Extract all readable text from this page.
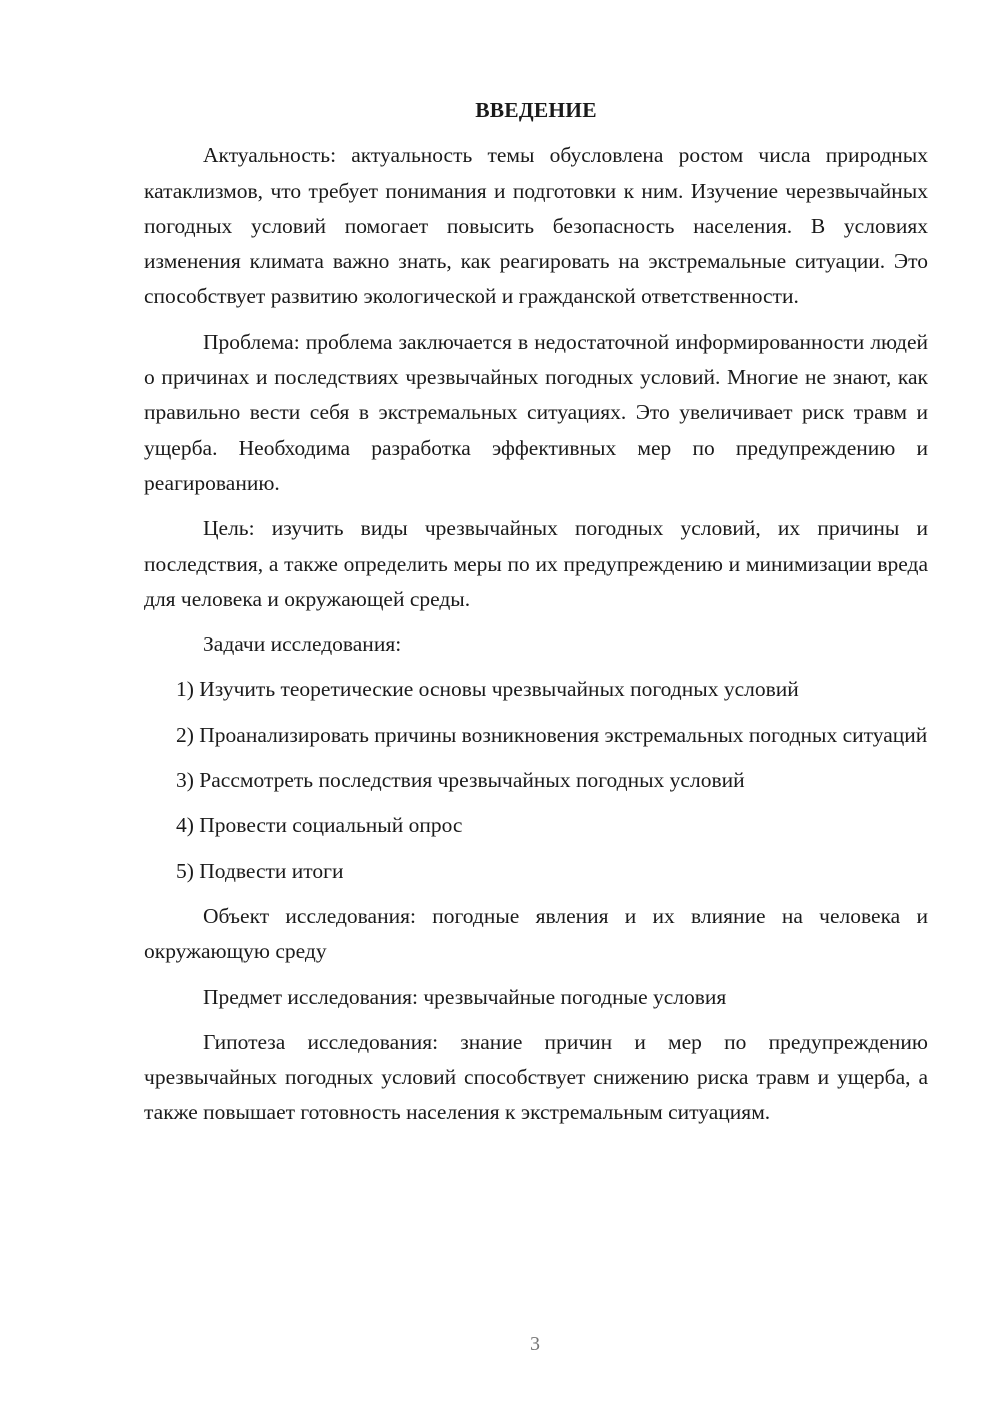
ВВЕДЕНИЕ

Актуальность: актуальность темы обусловлена ростом числа природных катаклизмов, что требует понимания и подготовки к ним. Изучение черезвычайных погодных условий помогает повысить безопасность населения. В условиях изменения климата важно знать, как реагировать на экстремальные ситуации. Это способствует развитию экологической и гражданской ответственности.

Проблема: проблема заключается в недостаточной информированности людей о причинах и последствиях чрезвычайных погодных условий. Многие не знают, как правильно вести себя в экстремальных ситуациях. Это увеличивает риск травм и ущерба. Необходима разработка эффективных мер по предупреждению и реагированию.

Цель: изучить виды чрезвычайных погодных условий, их причины и последствия, а также определить меры по их предупреждению и минимизации вреда для человека и окружающей среды.

Задачи исследования:

1) Изучить теоретические основы чрезвычайных погодных условий

2) Проанализировать причины возникновения экстремальных погодных ситуаций

3) Рассмотреть последствия чрезвычайных погодных условий

4) Провести социальный опрос

5) Подвести итоги

Объект исследования: погодные явления и их влияние на человека и окружающую среду

Предмет исследования: чрезвычайные погодные условия

Гипотеза исследования: знание причин и мер по предупреждению чрезвычайных погодных условий способствует снижению риска травм и ущерба, а также повышает готовность населения к экстремальным ситуациям.

3
